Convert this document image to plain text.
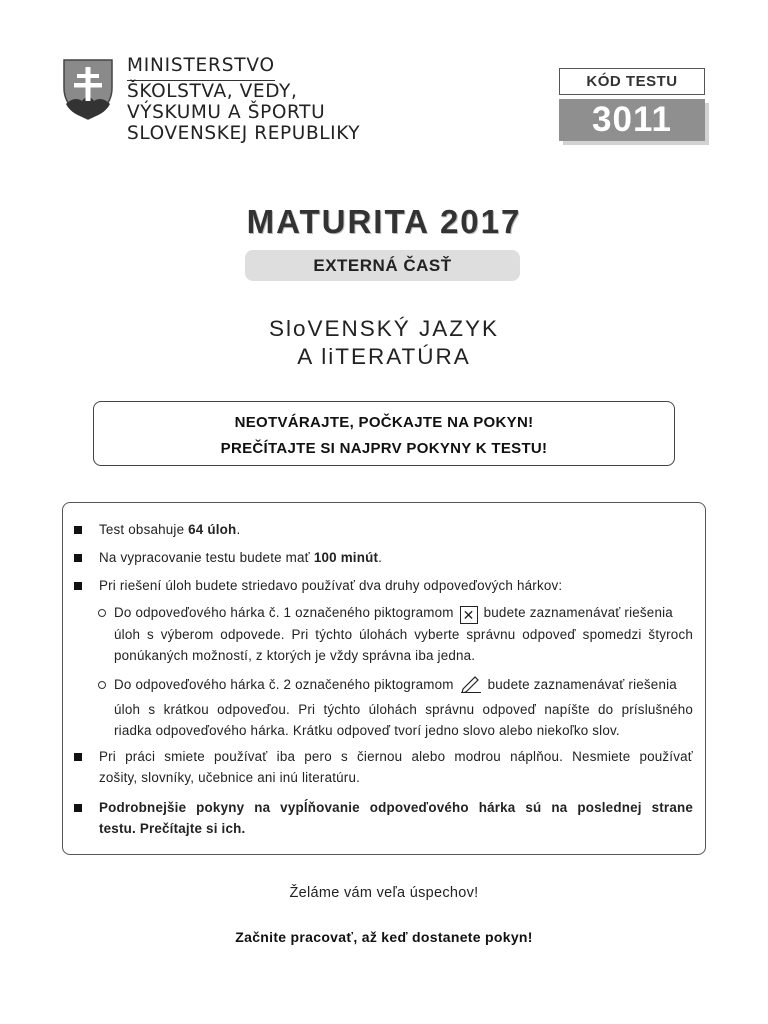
MINISTERSTVO
ŠKOLSTVA, VEDY,
VÝSKUMU A ŠPORTU
SLOVENSKEJ REPUBLIKY
KÓD TESTU
3011
MATURITA 2017
EXTERNÁ ČASŤ
SloVENSKÝ JAZYK
A liTERATÚRA
NEOTVÁRAJTE, POČKAJTE NA POKYN!
PREČÍTAJTE SI NAJPRV POKYNY K TESTU!
Test obsahuje 64 úloh.
Na vypracovanie testu budete mať 100 minút.
Pri riešení úloh budete striedavo používať dva druhy odpoveďových hárkov:
Do odpoveďového hárka č. 1 označeného piktogramom ✕ budete zaznamenávať riešenia
úloh s výberom odpovede. Pri týchto úlohách vyberte správnu odpoveď spomedzi štyroch
ponúkaných možností, z ktorých je vždy správna iba jedna.
Do odpoveďového hárka č. 2 označeného piktogramom	budete zaznamenávať riešenia
úloh s krátkou odpoveďou. Pri týchto úlohách správnu odpoveď napíšte do príslušného
riadka odpoveďového hárka. Krátku odpoveď tvorí jedno slovo alebo niekoľko slov.
Pri práci smiete používať iba pero s čiernou alebo modrou náplňou. Nesmiete používať
zošity, slovníky, učebnice ani inú literatúru.
Podrobnejšie pokyny na vypĺňovanie odpoveďového hárka sú na poslednej strane
testu. Prečítajte si ich.
Želáme vám veľa úspechov!
Začnite pracovať, až keď dostanete pokyn!
